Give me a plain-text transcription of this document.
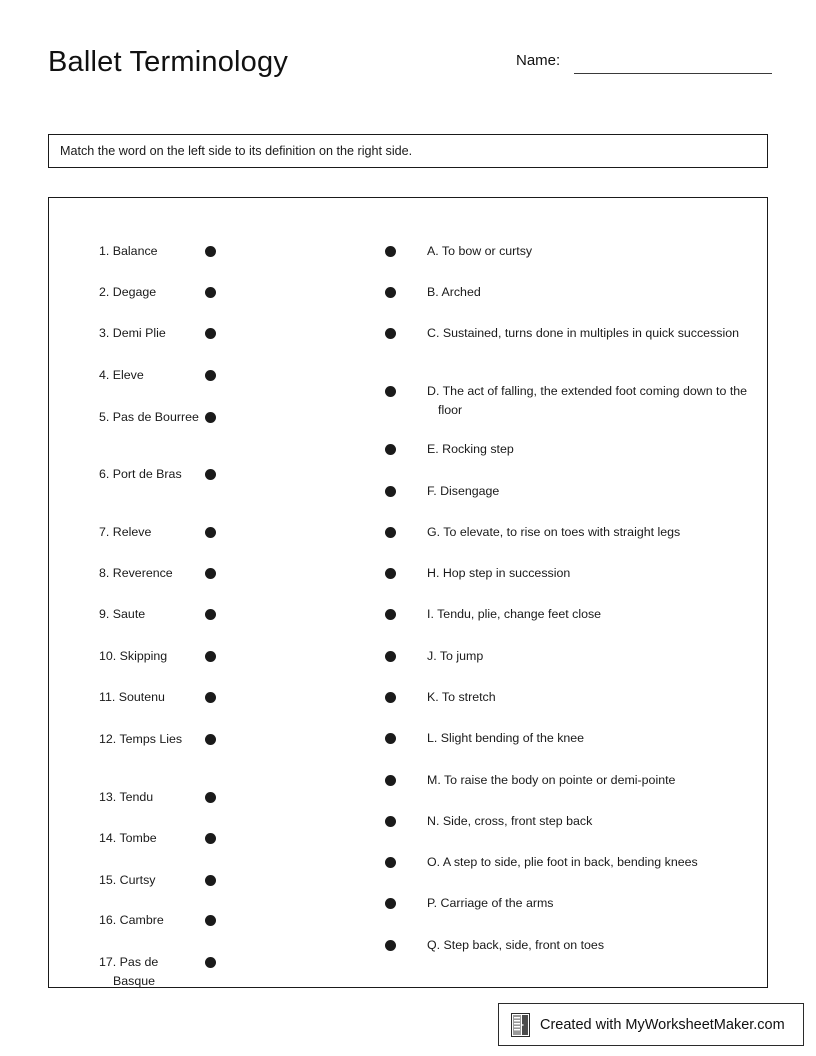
Ballet Terminology	Name:
Match the word on the left side to its definition on the right side.
1. Balance
2. Degage
3. Demi Plie
4. Eleve
5. Pas de Bourree
6. Port de Bras
7. Releve
8. Reverence
9. Saute
10. Skipping
11. Soutenu
12. Temps Lies
13. Tendu
14. Tombe
15. Curtsy
16. Cambre
17. Pas de Basque
A. To bow or curtsy
B. Arched
C. Sustained, turns done in multiples in quick succession
D. The act of falling, the extended foot coming down to the floor
E. Rocking step
F. Disengage
G. To elevate, to rise on toes with straight legs
H. Hop step in succession
I. Tendu, plie, change feet close
J. To jump
K. To stretch
L. Slight bending of the knee
M. To raise the body on pointe or demi-pointe
N. Side, cross, front step back
O. A step to side, plie foot in back, bending knees
P. Carriage of the arms
Q. Step back, side, front on toes
Created with MyWorksheetMaker.com
